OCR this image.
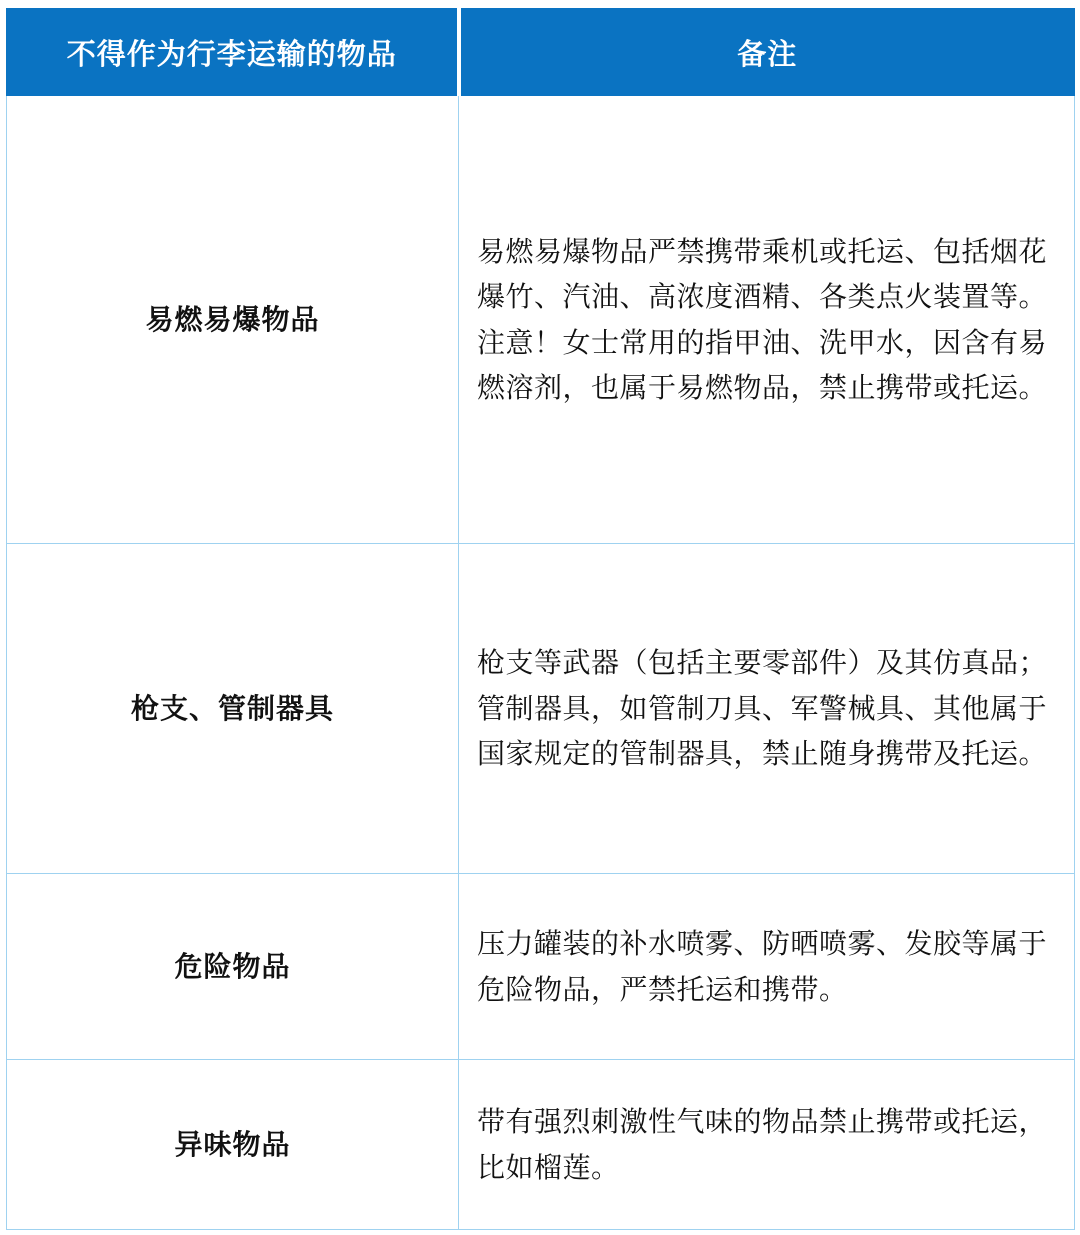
不得作为行李运输的物品	备注
易燃易爆物品	易燃易爆物品严禁携带乘机或托运、包括烟花爆竹、汽油、高浓度酒精、各类点火装置等。

注意！女士常用的指甲油、洗甲水，因含有易燃溶剂，也属于易燃物品，禁止携带或托运。

枪支、管制器具	枪支等武器（包括主要零部件）及其仿真品；管制器具，如管制刀具、军警械具、其他属于国家规定的管制器具，禁止随身携带及托运。

危险物品	压力罐装的补水喷雾、防晒喷雾、发胶等属于危险物品，严禁托运和携带。

异味物品	带有强烈刺激性气味的物品禁止携带或托运，比如榴莲。
